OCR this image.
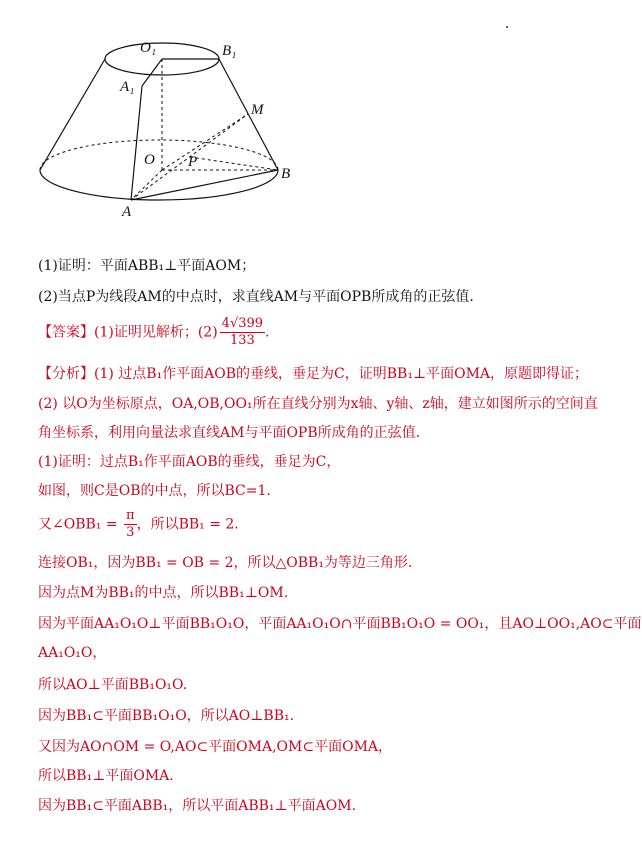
O₁	B₁
A₁
M
O P
B
A
(1)证明：平面ABB₁⊥平面AOM；
(2)当点P为线段AM的中点时，求直线AM与平面OPB所成角的正弦值.
【答案】(1)证明见解析；$(2) \frac{4√399}{133}$ .
【分析】(1) 过点B₁作平面AOB的垂线，垂足为C，证明BB₁⊥平面OMA，原题即得证；
(2) 以O为坐标原点，OA,OB,OO₁所在直线分别为x轴、y轴、z轴，建立如图所示的空间直
角坐标系，利用向量法求直线AM与平面OPB所成角的正弦值.
(1)证明：过点B₁作平面AOB的垂线，垂足为C，
如图，则C是OB的中点，所以BC=1.
又∠OBB₁ = $\frac{\pi}{3}$ ，所以BB₁ = 2.
连接OB₁，因为BB₁ = OB = 2，所以△OBB₁为等边三角形.
因为点M为BB₁的中点，所以BB₁⊥OM.
因为平面AA₁O₁O⊥平面BB₁O₁O，平面AA₁O₁O∩平面BB₁O₁O = OO₁，且AO⊥OO₁,AO⊂平面
AA₁O₁O，
所以AO⊥平面BB₁O₁O.
因为BB₁⊂平面BB₁O₁O，所以AO⊥BB₁.
又因为AO∩OM = O,AO⊂平面OMA,OM⊂平面OMA，
所以BB₁⊥平面OMA.
因为BB₁⊂平面ABB₁，所以平面ABB₁⊥平面AOM.
